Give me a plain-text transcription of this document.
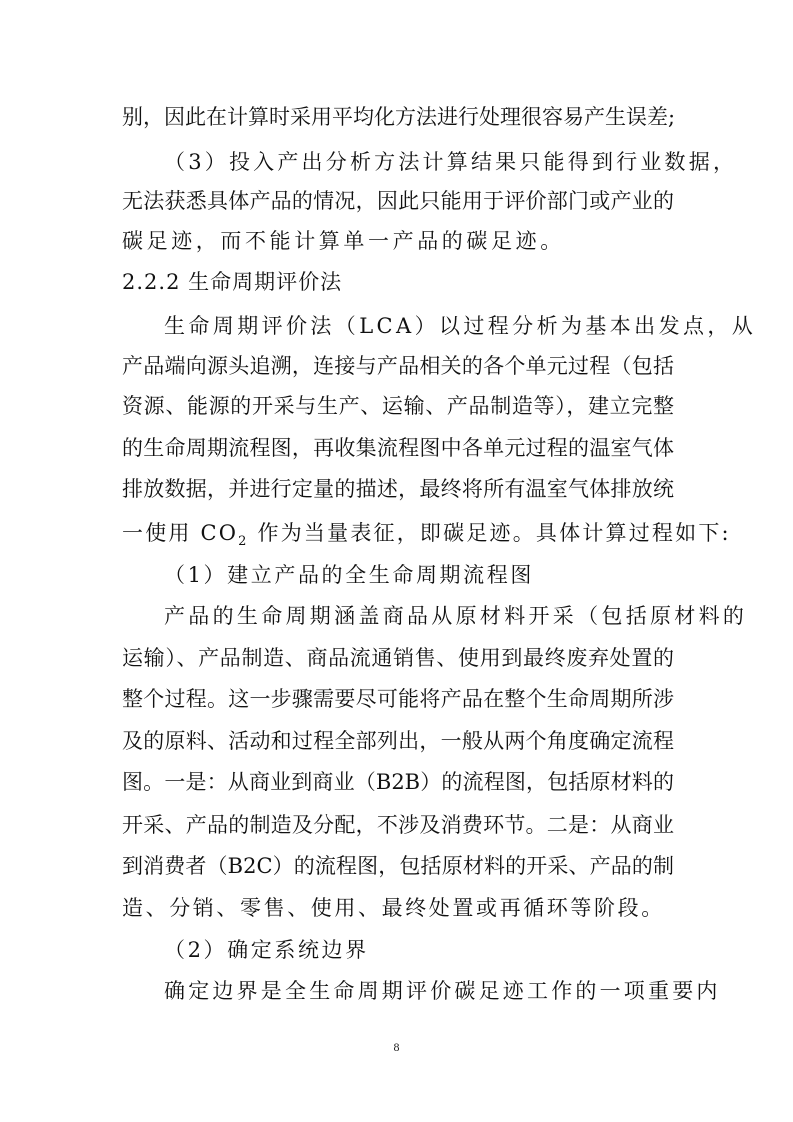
别，因此在计算时采用平均化方法进行处理很容易产生误差;
（3）投入产出分析方法计算结果只能得到行业数据，
无法获悉具体产品的情况，因此只能用于评价部门或产业的
碳足迹，而不能计算单一产品的碳足迹。
2.2.2 生命周期评价法
生命周期评价法（LCA）以过程分析为基本出发点，从
产品端向源头追溯，连接与产品相关的各个单元过程（包括
资源、能源的开采与生产、运输、产品制造等），建立完整
的生命周期流程图，再收集流程图中各单元过程的温室气体
排放数据，并进行定量的描述，最终将所有温室气体排放统
一使用 $CO_2$ 作为当量表征，即碳足迹。具体计算过程如下:
（1）建立产品的全生命周期流程图
产品的生命周期涵盖商品从原材料开采（包括原材料的
运输）、产品制造、商品流通销售、使用到最终废弃处置的
整个过程。这一步骤需要尽可能将产品在整个生命周期所涉
及的原料、活动和过程全部列出，一般从两个角度确定流程
图。一是：从商业到商业（B2B）的流程图，包括原材料的
开采、产品的制造及分配，不涉及消费环节。二是：从商业
到消费者（B2C）的流程图，包括原材料的开采、产品的制
造、分销、零售、使用、最终处置或再循环等阶段。
（2）确定系统边界
确定边界是全生命周期评价碳足迹工作的一项重要内
8
